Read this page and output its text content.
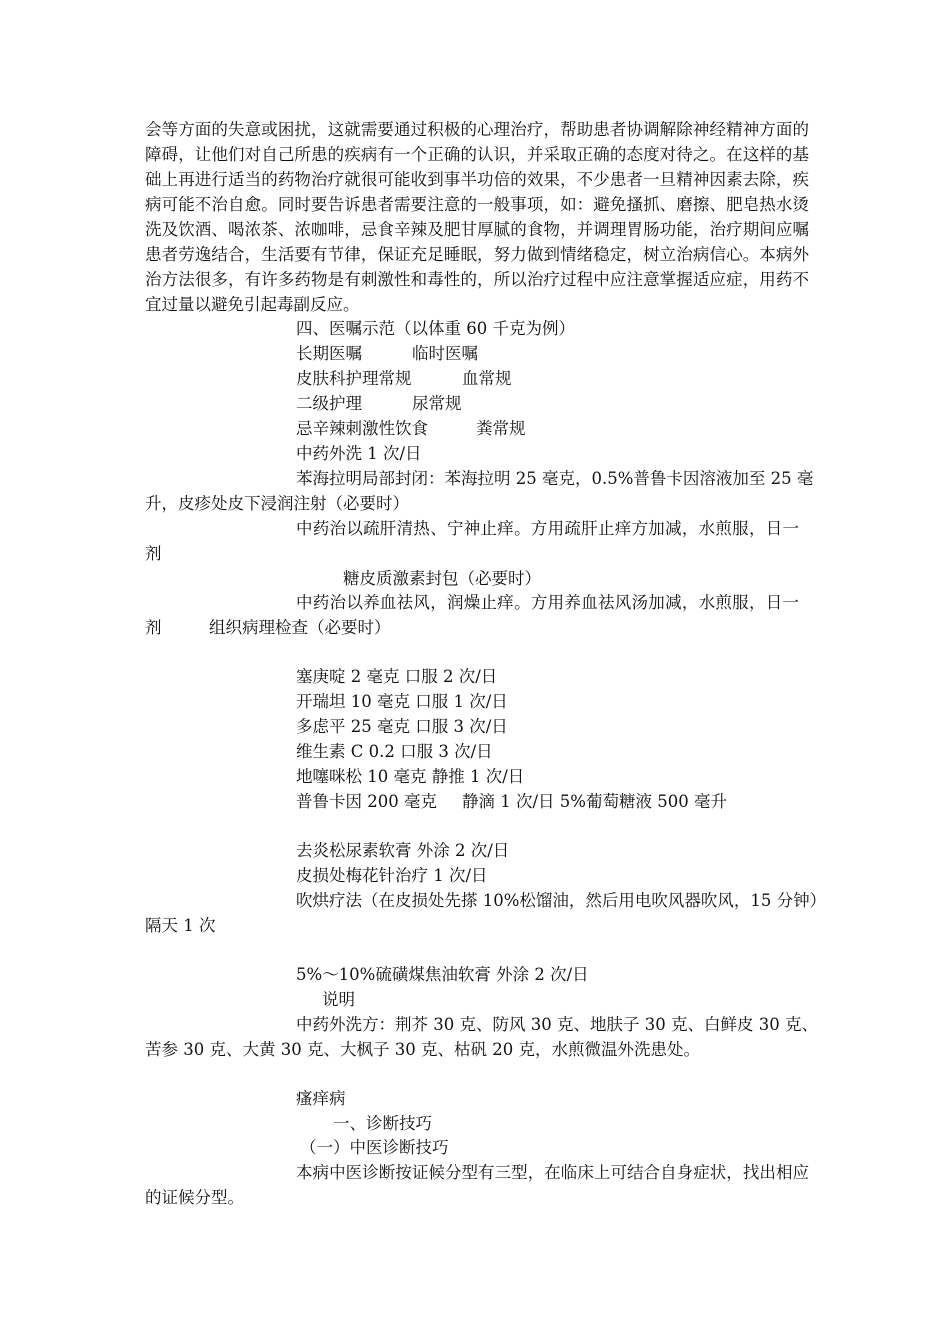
会等方面的失意或困扰，这就需要通过积极的心理治疗，帮助患者协调解除神经精神方面的
障碍，让他们对自己所患的疾病有一个正确的认识，并采取正确的态度对待之。在这样的基
础上再进行适当的药物治疗就很可能收到事半功倍的效果，不少患者一旦精神因素去除，疾
病可能不治自愈。同时要告诉患者需要注意的一般事项，如：避免搔抓、磨擦、肥皂热水烫
洗及饮酒、喝浓茶、浓咖啡，忌食辛辣及肥甘厚腻的食物，并调理胃肠功能，治疗期间应嘱
患者劳逸结合，生活要有节律，保证充足睡眠，努力做到情绪稳定，树立治病信心。本病外
治方法很多，有许多药物是有刺激性和毒性的，所以治疗过程中应注意掌握适应症，用药不
宜过量以避免引起毒副反应。
四、医嘱示范（以体重 60 千克为例）
长期医嘱	临时医嘱
皮肤科护理常规	血常规
二级护理	尿常规
忌辛辣刺激性饮食	粪常规
中药外洗 1 次/日
苯海拉明局部封闭：苯海拉明 25 毫克，0.5%普鲁卡因溶液加至 25 毫
升，皮疹处皮下浸润注射（必要时）
中药治以疏肝清热、宁神止痒。方用疏肝止痒方加减，水煎服，日一
剂
糖皮质激素封包（必要时）
中药治以养血祛风，润燥止痒。方用养血祛风汤加减，水煎服，日一
剂	组织病理检查（必要时）
塞庚啶 2 毫克 口服 2 次/日
开瑞坦 10 毫克 口服 1 次/日
多虑平 25 毫克 口服 3 次/日
维生素 C 0.2 口服 3 次/日
地噻咪松 10 毫克 静推 1 次/日
普鲁卡因 200 毫克 静滴 1 次/日 5%葡萄糖液 500 毫升
去炎松尿素软膏 外涂 2 次/日
皮损处梅花针治疗 1 次/日
吹烘疗法（在皮损处先搽 10%松馏油，然后用电吹风器吹风，15 分钟）
隔天 1 次
5%～10%硫磺煤焦油软膏 外涂 2 次/日
说明
中药外洗方：荆芥 30 克、防风 30 克、地肤子 30 克、白鲜皮 30 克、
苦参 30 克、大黄 30 克、大枫子 30 克、枯矾 20 克，水煎微温外洗患处。
瘙痒病
一、诊断技巧
（一）中医诊断技巧
本病中医诊断按证候分型有三型，在临床上可结合自身症状，找出相应
的证候分型。
